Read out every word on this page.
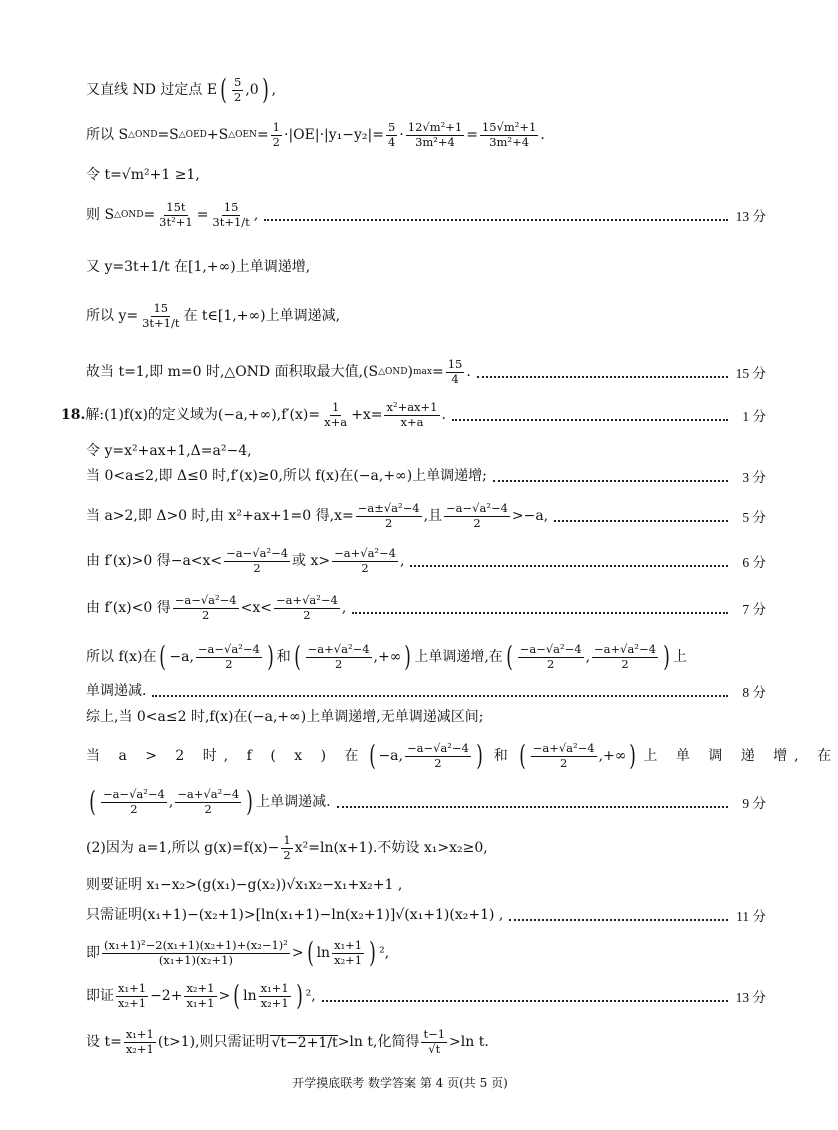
又直线 ND 过定点 E ( $\frac{5}{2} ,0$ ) ,
所以 S △OND =S △OED +S △OEN = $\frac{1}{2} \cdot|OE|\cdot|y_1-y_2|= \frac{5}{4} \cdot \frac{\text{12√m²+1}}{\text{3m²+4}} = \frac{\text{15√m²+1}}{\text{3m²+4}}$ .
令 t=√m²+1 ≥1,
则 S △OND = $\frac{15t}{\text{3t²+1}} = \frac{15}{3t+1/t}$ ,	13 分
又 y=3t+1/t 在[1,+∞)上单调递增,
所以 $y= \frac{15}{3t+1/t}$ 在 t∈[1,+∞)上单调递减,
故当 t=1,即 m=0 时,△OND 面积取最大值,(S △OND ) $\max = \frac{15}{4}$ .	15 分
18. 解:(1)f(x)的定义域为$(-a,+\infty),f'(x)= \frac{1}{x+a} +x= \frac{\text{x²+ax+1}}{x+a}$ .	1 分
令 y=x²+ax+1,Δ=a²−4,
当 0<a≤2,即 Δ≤0 时,f′(x)≥0,所以 f(x)在(−a,+∞)上单调递增;	3 分
当 a>2,即 Δ>0 时,由 x²+ax+1=0 得$,x= \frac{\text{−a±√a²−4}}{2}$ ,且 $\frac{\text{−a−√a²−4}}{2} >-a$,	5 分
由 f′(x)>0 得$-a<x< \frac{\text{−a−√a²−4}}{2}$ 或 $x> \frac{\text{−a+√a²−4}}{2}$ ,	6 分
由 f′(x)<0 得 $\frac{\text{−a−√a²−4}}{2} <x< \frac{\text{−a+√a²−4}}{2}$ ,	7 分
所以 f(x)在 ( −a, $\frac{\text{−a−√a²−4}}{2}$ ) 和 ( $\frac{\text{−a+√a²−4}}{2}$ ,+∞ ) 上单调递增,在 ( $\frac{\text{−a−√a²−4}}{2}$ , $\frac{\text{−a+√a²−4}}{2}$ ) 上
单调递减.	8 分
综上,当 0<a≤2 时,f(x)在(−a,+∞)上单调递增,无单调递减区间;
当 a > 2 时, f ( x ) 在 ( −a, $\frac{\text{−a−√a²−4}}{2}$ ) 和 ( $\frac{\text{−a+√a²−4}}{2}$ ,+∞ ) 上 单 调 递 增, 在
( $\frac{\text{−a−√a²−4}}{2}$ , $\frac{\text{−a+√a²−4}}{2}$ ) 上单调递减.	9 分
(2)因为 a=1,所以 $g(x)=f(x)- \frac{1}{2} x^2=\ln(x+1)$.不妨设 x₁>x₂≥0,
则要证明 x₁−x₂>(g(x₁)−g(x₂))√x₁x₂−x₁+x₂+1 ,
只需证明(x₁+1)−(x₂+1)>[ln(x₁+1)−ln(x₂+1)]√(x₁+1)(x₂+1) ,	11 分
即 $\frac{\text{(x₁+1)²−2(x₁+1)(x₂+1)+(x₂−1)²}}{\text{(x₁+1)(x₂+1)}}$ > ( $\ln \frac{\text{x₁+1}}{\text{x₂+1}}$ ) ²,
即证 $\frac{\text{x₁+1}}{\text{x₂+1}} -2+ \frac{\text{x₂+1}}{\text{x₁+1}}$ > ( $\ln \frac{\text{x₁+1}}{\text{x₂+1}}$ ) ²,	13 分
设 $t= \frac{\text{x₁+1}}{\text{x₂+1}} (t>1)$,则只需证明 √t−2+1/t >ln t,化简得 $\frac{t-1}{√t} >\ln$ t.
开学摸底联考 数学答案 第 4 页(共 5 页)
